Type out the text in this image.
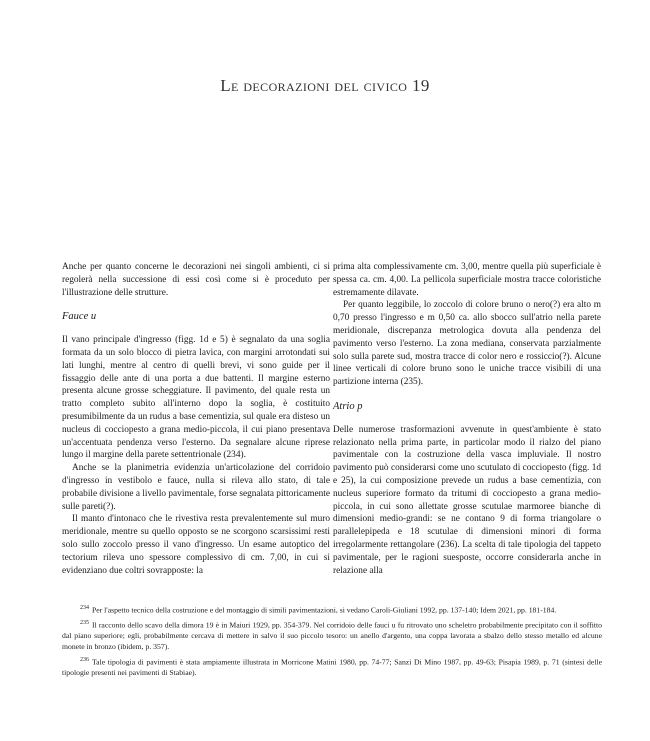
Le decorazioni del civico 19

Anche per quanto concerne le decorazioni nei singoli ambienti, ci si regolerà nella successione di essi così come si è proceduto per l'illustrazione delle strutture.

Fauce u

Il vano principale d'ingresso (figg. 1d e 5) è segnalato da una soglia formata da un solo blocco di pietra lavica, con margini arrotondati sui lati lunghi, mentre al centro di quelli brevi, vi sono guide per il fissaggio delle ante di una porta a due battenti. Il margine esterno presenta alcune grosse scheggiature. Il pavimento, del quale resta un tratto completo subito all'interno dopo la soglia, è costituito presumibilmente da un rudus a base cementizia, sul quale era disteso un nucleus di cocciopesto a grana medio-piccola, il cui piano presentava un'accentuata pendenza verso l'esterno. Da segnalare alcune riprese lungo il margine della parete settentrionale (234).

Anche se la planimetria evidenzia un'articolazione del corridoio d'ingresso in vestibolo e fauce, nulla si rileva allo stato, di tale probabile divisione a livello pavimentale, forse segnalata pittoricamente sulle pareti(?).

Il manto d'intonaco che le rivestiva resta prevalentemente sul muro meridionale, mentre su quello opposto se ne scorgono scarsissimi resti solo sullo zoccolo presso il vano d'ingresso. Un esame autoptico del tectorium rileva uno spessore complessivo di cm. 7,00, in cui si evidenziano due coltri sovrapposte: la

prima alta complessivamente cm. 3,00, mentre quella più superficiale è spessa ca. cm. 4,00. La pellicola superficiale mostra tracce coloristiche estremamente dilavate.

Per quanto leggibile, lo zoccolo di colore bruno o nero(?) era alto m 0,70 presso l'ingresso e m 0,50 ca. allo sbocco sull'atrio nella parete meridionale, discrepanza metrologica dovuta alla pendenza del pavimento verso l'esterno. La zona mediana, conservata parzialmente solo sulla parete sud, mostra tracce di color nero e rossiccio(?). Alcune linee verticali di colore bruno sono le uniche tracce visibili di una partizione interna (235).

Atrio p

Delle numerose trasformazioni avvenute in quest'ambiente è stato relazionato nella prima parte, in particolar modo il rialzo del piano pavimentale con la costruzione della vasca impluviale. Il nostro pavimento può considerarsi come uno scutulato di cocciopesto (figg. 1d e 25), la cui composizione prevede un rudus a base cementizia, con nucleus superiore formato da tritumi di cocciopesto a grana medio-piccola, in cui sono allettate grosse scutulae marmoree bianche di dimensioni medio-grandi: se ne contano 9 di forma triangolare o parallelepipeda e 18 scutulae di dimensioni minori di forma irregolarmente rettangolare (236). La scelta di tale tipologia del tappeto pavimentale, per le ragioni suesposte, occorre considerarla anche in relazione alla

$^{234}$ Per l'aspetto tecnico della costruzione e del montaggio di simili pavimentazioni, si vedano Caroli-Giuliani 1992, pp. 137-140; Idem 2021, pp. 181-184.

$^{235}$ Il racconto dello scavo della dimora 19 è in Maiuri 1929, pp. 354-379. Nel corridoio delle fauci u fu ritrovato uno scheletro probabilmente precipitato con il soffitto dal piano superiore; egli, probabilmente cercava di mettere in salvo il suo piccolo tesoro: un anello d'argento, una coppa lavorata a sbalzo dello stesso metallo ed alcune monete in bronzo (ibidem, p. 357).

$^{236}$ Tale tipologia di pavimenti è stata ampiamente illustrata in Morricone Matini 1980, pp. 74-77; Sanzi Di Mino 1987, pp. 49-63; Pisapia 1989, p. 71 (sintesi delle tipologie presenti nei pavimenti di Stabiae).
